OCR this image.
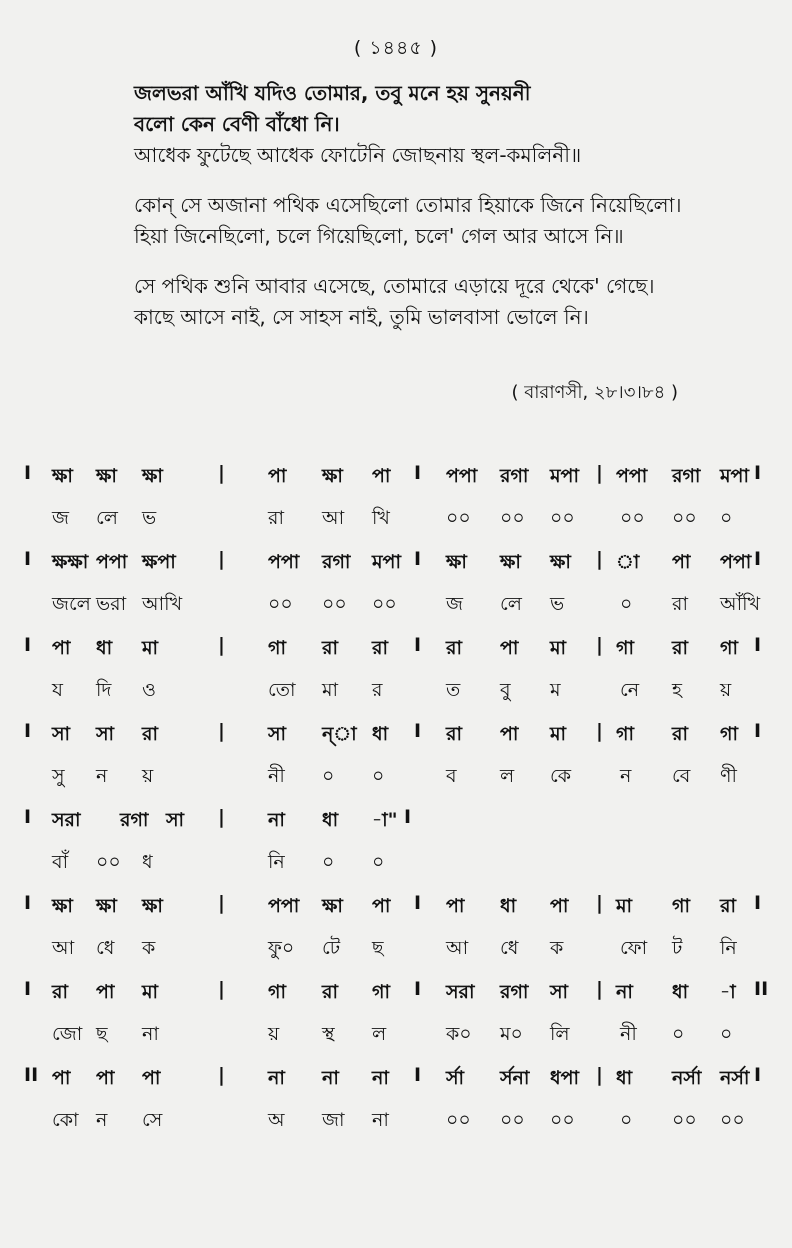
( ১৪৪৫ )
জলভরা আঁখি যদিও তোমার, তবু মনে হয় সুনয়নী
বলো কেন বেণী বাঁধো নি।
আধেক ফুটেছে আধেক ফোটেনি জোছনায় স্থল-কমলিনী॥
কোন্ সে অজানা পথিক এসেছিলো তোমার হিয়াকে জিনে নিয়েছিলো।
হিয়া জিনেছিলো, চলে গিয়েছিলো, চলে' গেল আর আসে নি॥
সে পথিক শুনি আবার এসেছে, তোমারে এড়ায়ে দূরে থেকে' গেছে।
কাছে আসে নাই, সে সাহস নাই, তুমি ভালবাসা ভোলে নি।
( বারাণসী, ২৮।৩।৮৪ )
I ক্ষা ক্ষা ক্ষা	| পা ক্ষা পা I পপা রগা মপা | পপা রগা মপা I
জ লে ভ	রা আ খি	০০ ০০ ০০ ০০ ০০ ০
I ক্ষক্ষা পপা ক্ষপা | পপা রগা মপা I ক্ষা ক্ষা ক্ষা | া পা পপা I
জলে ভরা আখি	০০ ০০ ০০	জ লে ভ	০ রা আঁখি
I পা ধা মা	| গা রা রা I রা পা মা | গা রা গা I
য দি ও	তো মা র	ত বু ম	নে হ য়
I সা সা রা	| সা ন্‌া ধা I রা পা মা | গা রা গা I
সু ন য়	নী ০ ০	ব ল কে	ন বে ণী
I সরা রগা সা | না ধা -া" I
বাঁ ০০ ধ	নি ০ ০
I ক্ষা ক্ষা ক্ষা	| পপা ক্ষা পা I পা ধা পা | মা গা রা I
আ ধে ক	ফু০ টে ছ	আ ধে ক	ফো ট নি
I রা পা মা	| গা রা গা I সরা রগা সা | না ধা -া II
জো ছ না	য় স্থ ল	ক০ ম০ লি	নী ০ ০
II পা পা পা	| না না না I র্সা র্সনা ধপা | ধা নর্সা নর্সা I
কো ন সে	অ জা না	০০ ০০ ০০ ০ ০০ ০০
